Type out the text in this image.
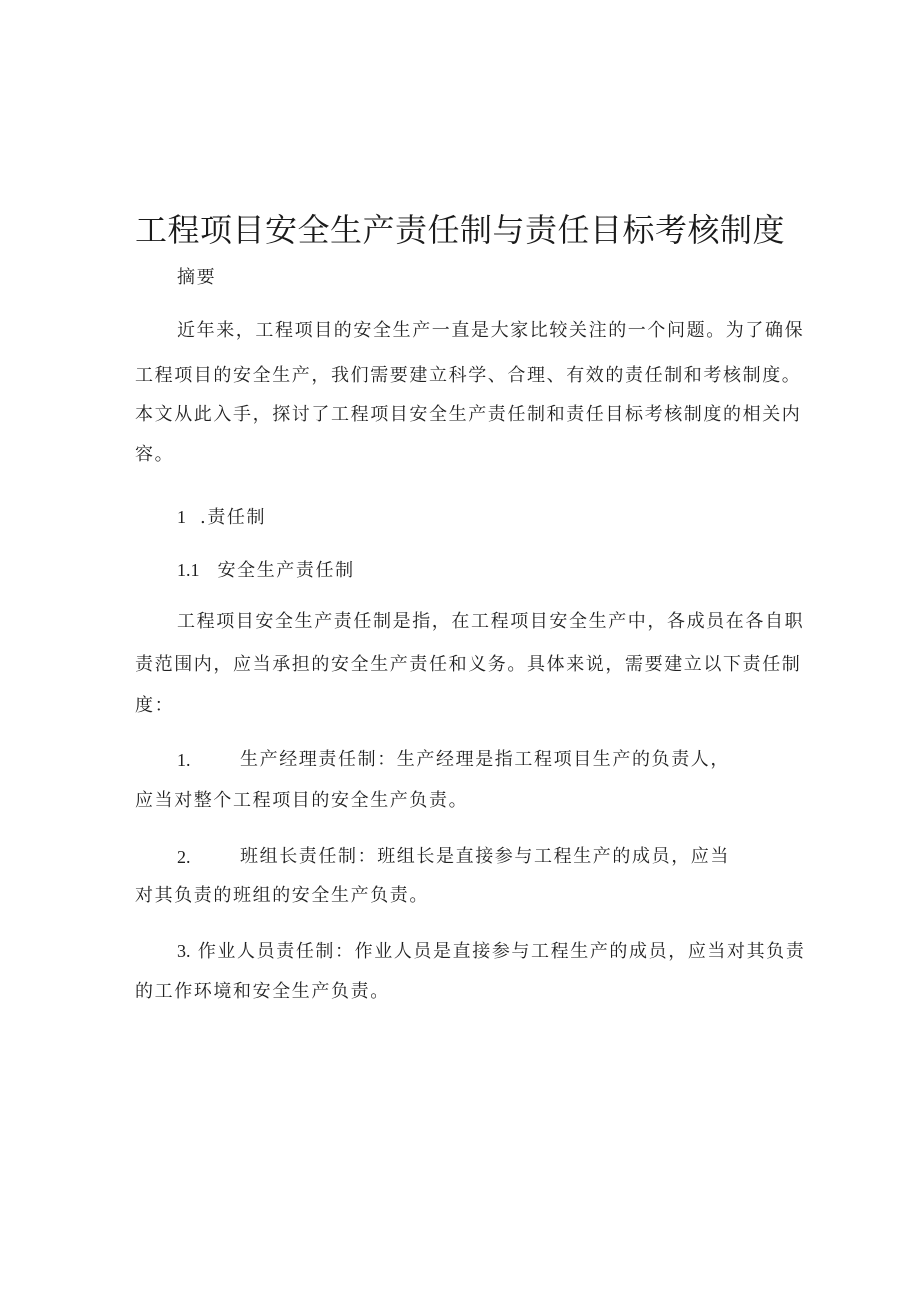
工程项目安全生产责任制与责任目标考核制度
摘要
近年来，工程项目的安全生产一直是大家比较关注的一个问题。为了确保
工程项目的安全生产，我们需要建立科学、合理、有效的责任制和考核制度。
本文从此入手，探讨了工程项目安全生产责任制和责任目标考核制度的相关内
容。
1 .责任制
1.1 安全生产责任制
工程项目安全生产责任制是指，在工程项目安全生产中，各成员在各自职
责范围内，应当承担的安全生产责任和义务。具体来说，需要建立以下责任制
度：
1.	生产经理责任制：生产经理是指工程项目生产的负责人，
应当对整个工程项目的安全生产负责。
2.	班组长责任制：班组长是直接参与工程生产的成员，应当
对其负责的班组的安全生产负责。
3. 作业人员责任制：作业人员是直接参与工程生产的成员，应当对其负责
的工作环境和安全生产负责。
